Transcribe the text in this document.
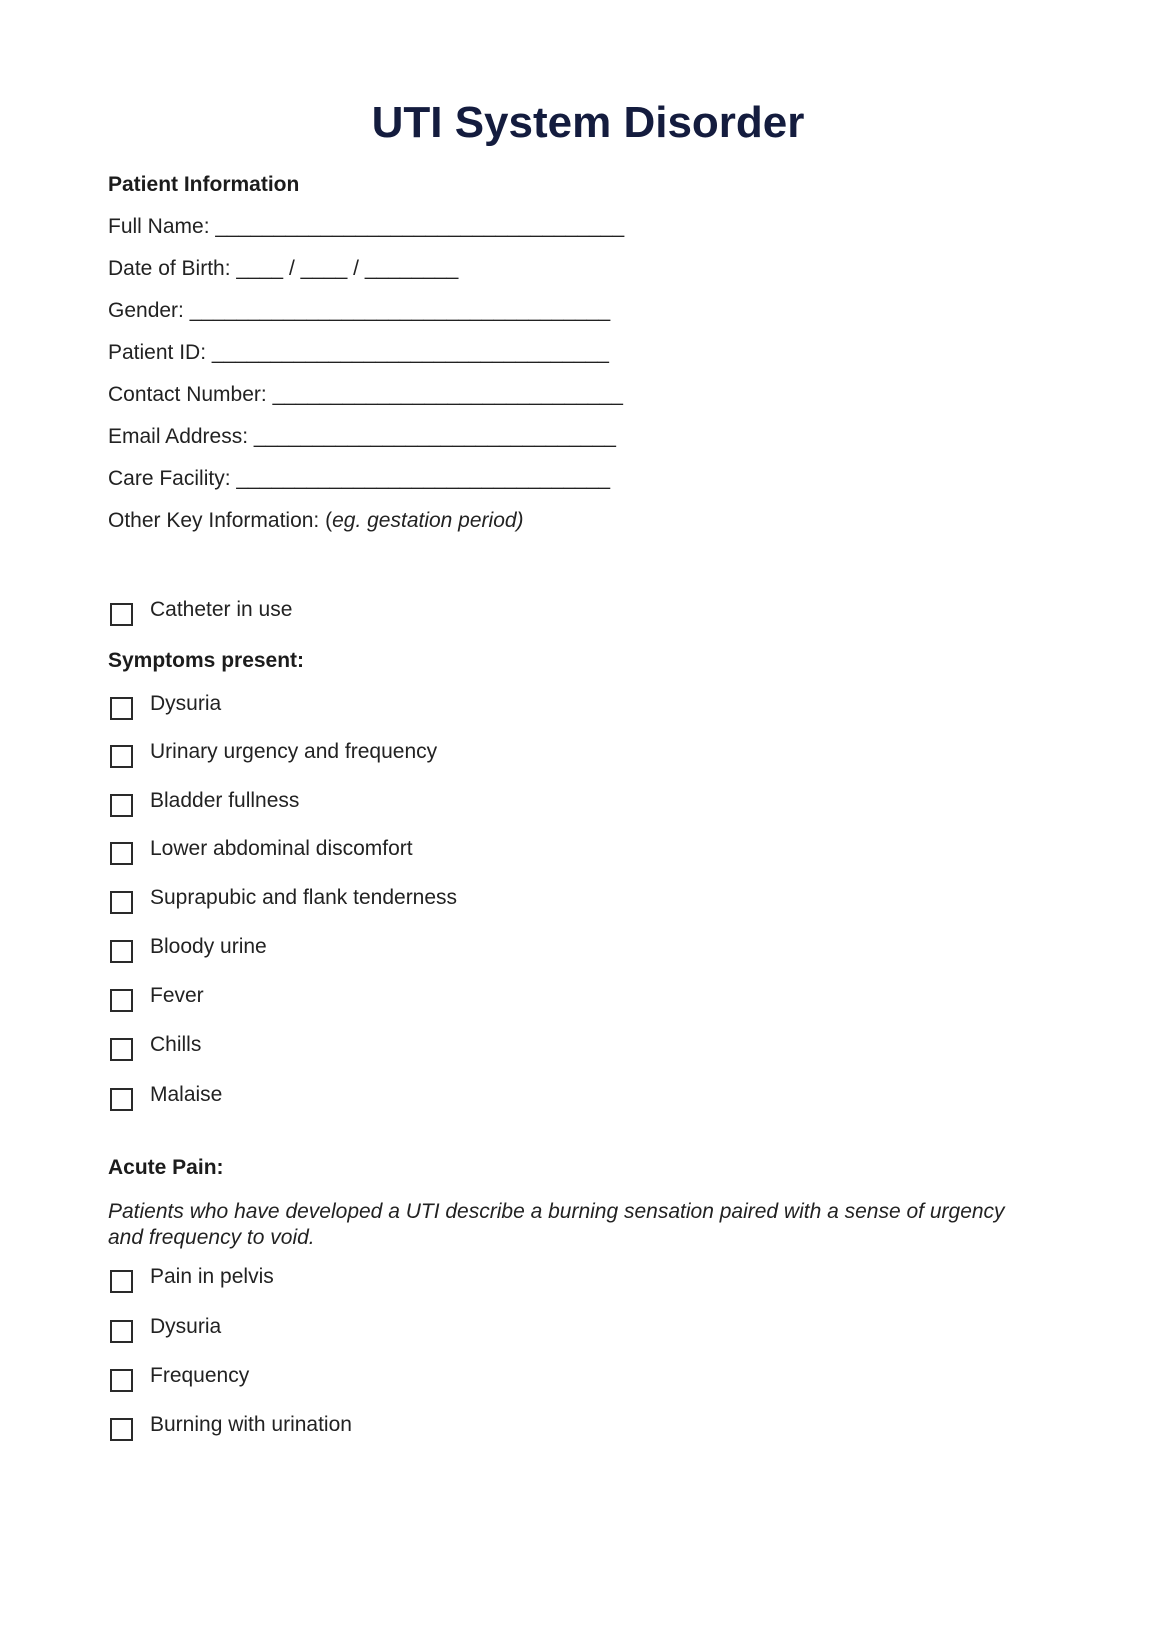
UTI System Disorder
Patient Information
Full Name: ___________________________________
Date of Birth: ____ / ____ / ________
Gender: ____________________________________
Patient ID: __________________________________
Contact Number: ______________________________
Email Address: _______________________________
Care Facility: ________________________________
Other Key Information: (eg. gestation period)
Catheter in use
Symptoms present:
Dysuria
Urinary urgency and frequency
Bladder fullness
Lower abdominal discomfort
Suprapubic and flank tenderness
Bloody urine
Fever
Chills
Malaise
Acute Pain:
Patients who have developed a UTI describe a burning sensation paired with a sense of urgency and frequency to void.
Pain in pelvis
Dysuria
Frequency
Burning with urination
